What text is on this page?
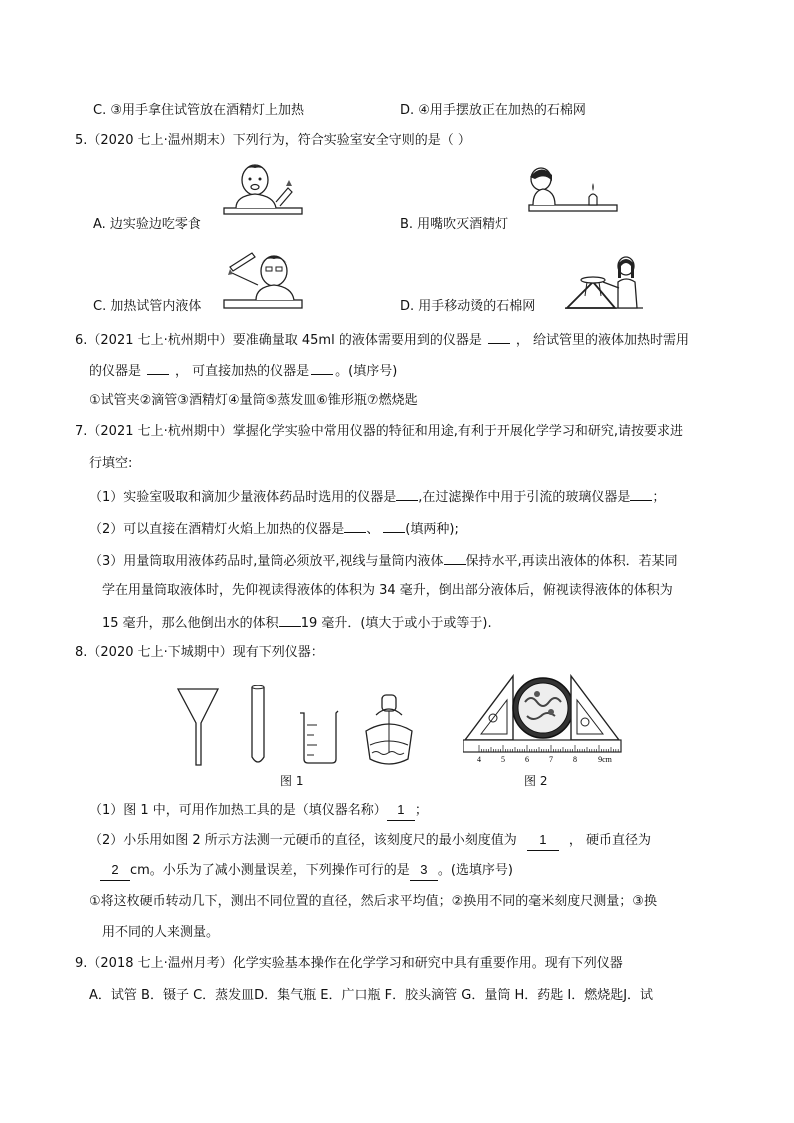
C. ③用手拿住试管放在酒精灯上加热	D. ④用手摆放正在加热的石棉网
5.（2020 七上·温州期末）下列行为，符合实验室安全守则的是（ ）
A. 边实验边吃零食	B. 用嘴吹灭酒精灯
C. 加热试管内液体	D. 用手移动烫的石棉网
6.（2021 七上·杭州期中）要准确量取 45ml 的液体需要用到的仪器是	， 给试管里的液体加热时需用
的仪器是	， 可直接加热的仪器是 。(填序号)
①试管夹②滴管③酒精灯④量筒⑤蒸发皿⑥锥形瓶⑦燃烧匙
7.（2021 七上·杭州期中）掌握化学实验中常用仪器的特征和用途,有利于开展化学学习和研究,请按要求进
行填空:
（1）实验室吸取和滴加少量液体药品时选用的仪器是 ,在过滤操作中用于引流的玻璃仪器是 ；
（2）可以直接在酒精灯火焰上加热的仪器是 、 (填两种);
（3）用量筒取用液体药品时,量筒必须放平,视线与量筒内液体 保持水平,再读出液体的体积．若某同
学在用量筒取液体时，先仰视读得液体的体积为 34 毫升，倒出部分液体后，俯视读得液体的体积为
15 毫升，那么他倒出水的体积 19 毫升．(填大于或小于或等于).
8.（2020 七上·下城期中）现有下列仪器：
图 1
4	5	6	7	8	9cm
图 2
（1）图 1 中，可用作加热工具的是（填仪器名称） 1 ；
（2）小乐用如图 2 所示方法测一元硬币的直径，该刻度尺的最小刻度值为 1 ， 硬币直径为
2 cm。小乐为了减小测量误差，下列操作可行的是 3 。(选填序号)
①将这枚硬币转动几下，测出不同位置的直径，然后求平均值；②换用不同的毫米刻度尺测量；③换
用不同的人来测量。
9.（2018 七上·温州月考）化学实验基本操作在化学学习和研究中具有重要作用。现有下列仪器
A．试管 B．镊子 C．蒸发皿D．集气瓶 E．广口瓶 F．胶头滴管 G．量筒 H．药匙 I．燃烧匙J．试
